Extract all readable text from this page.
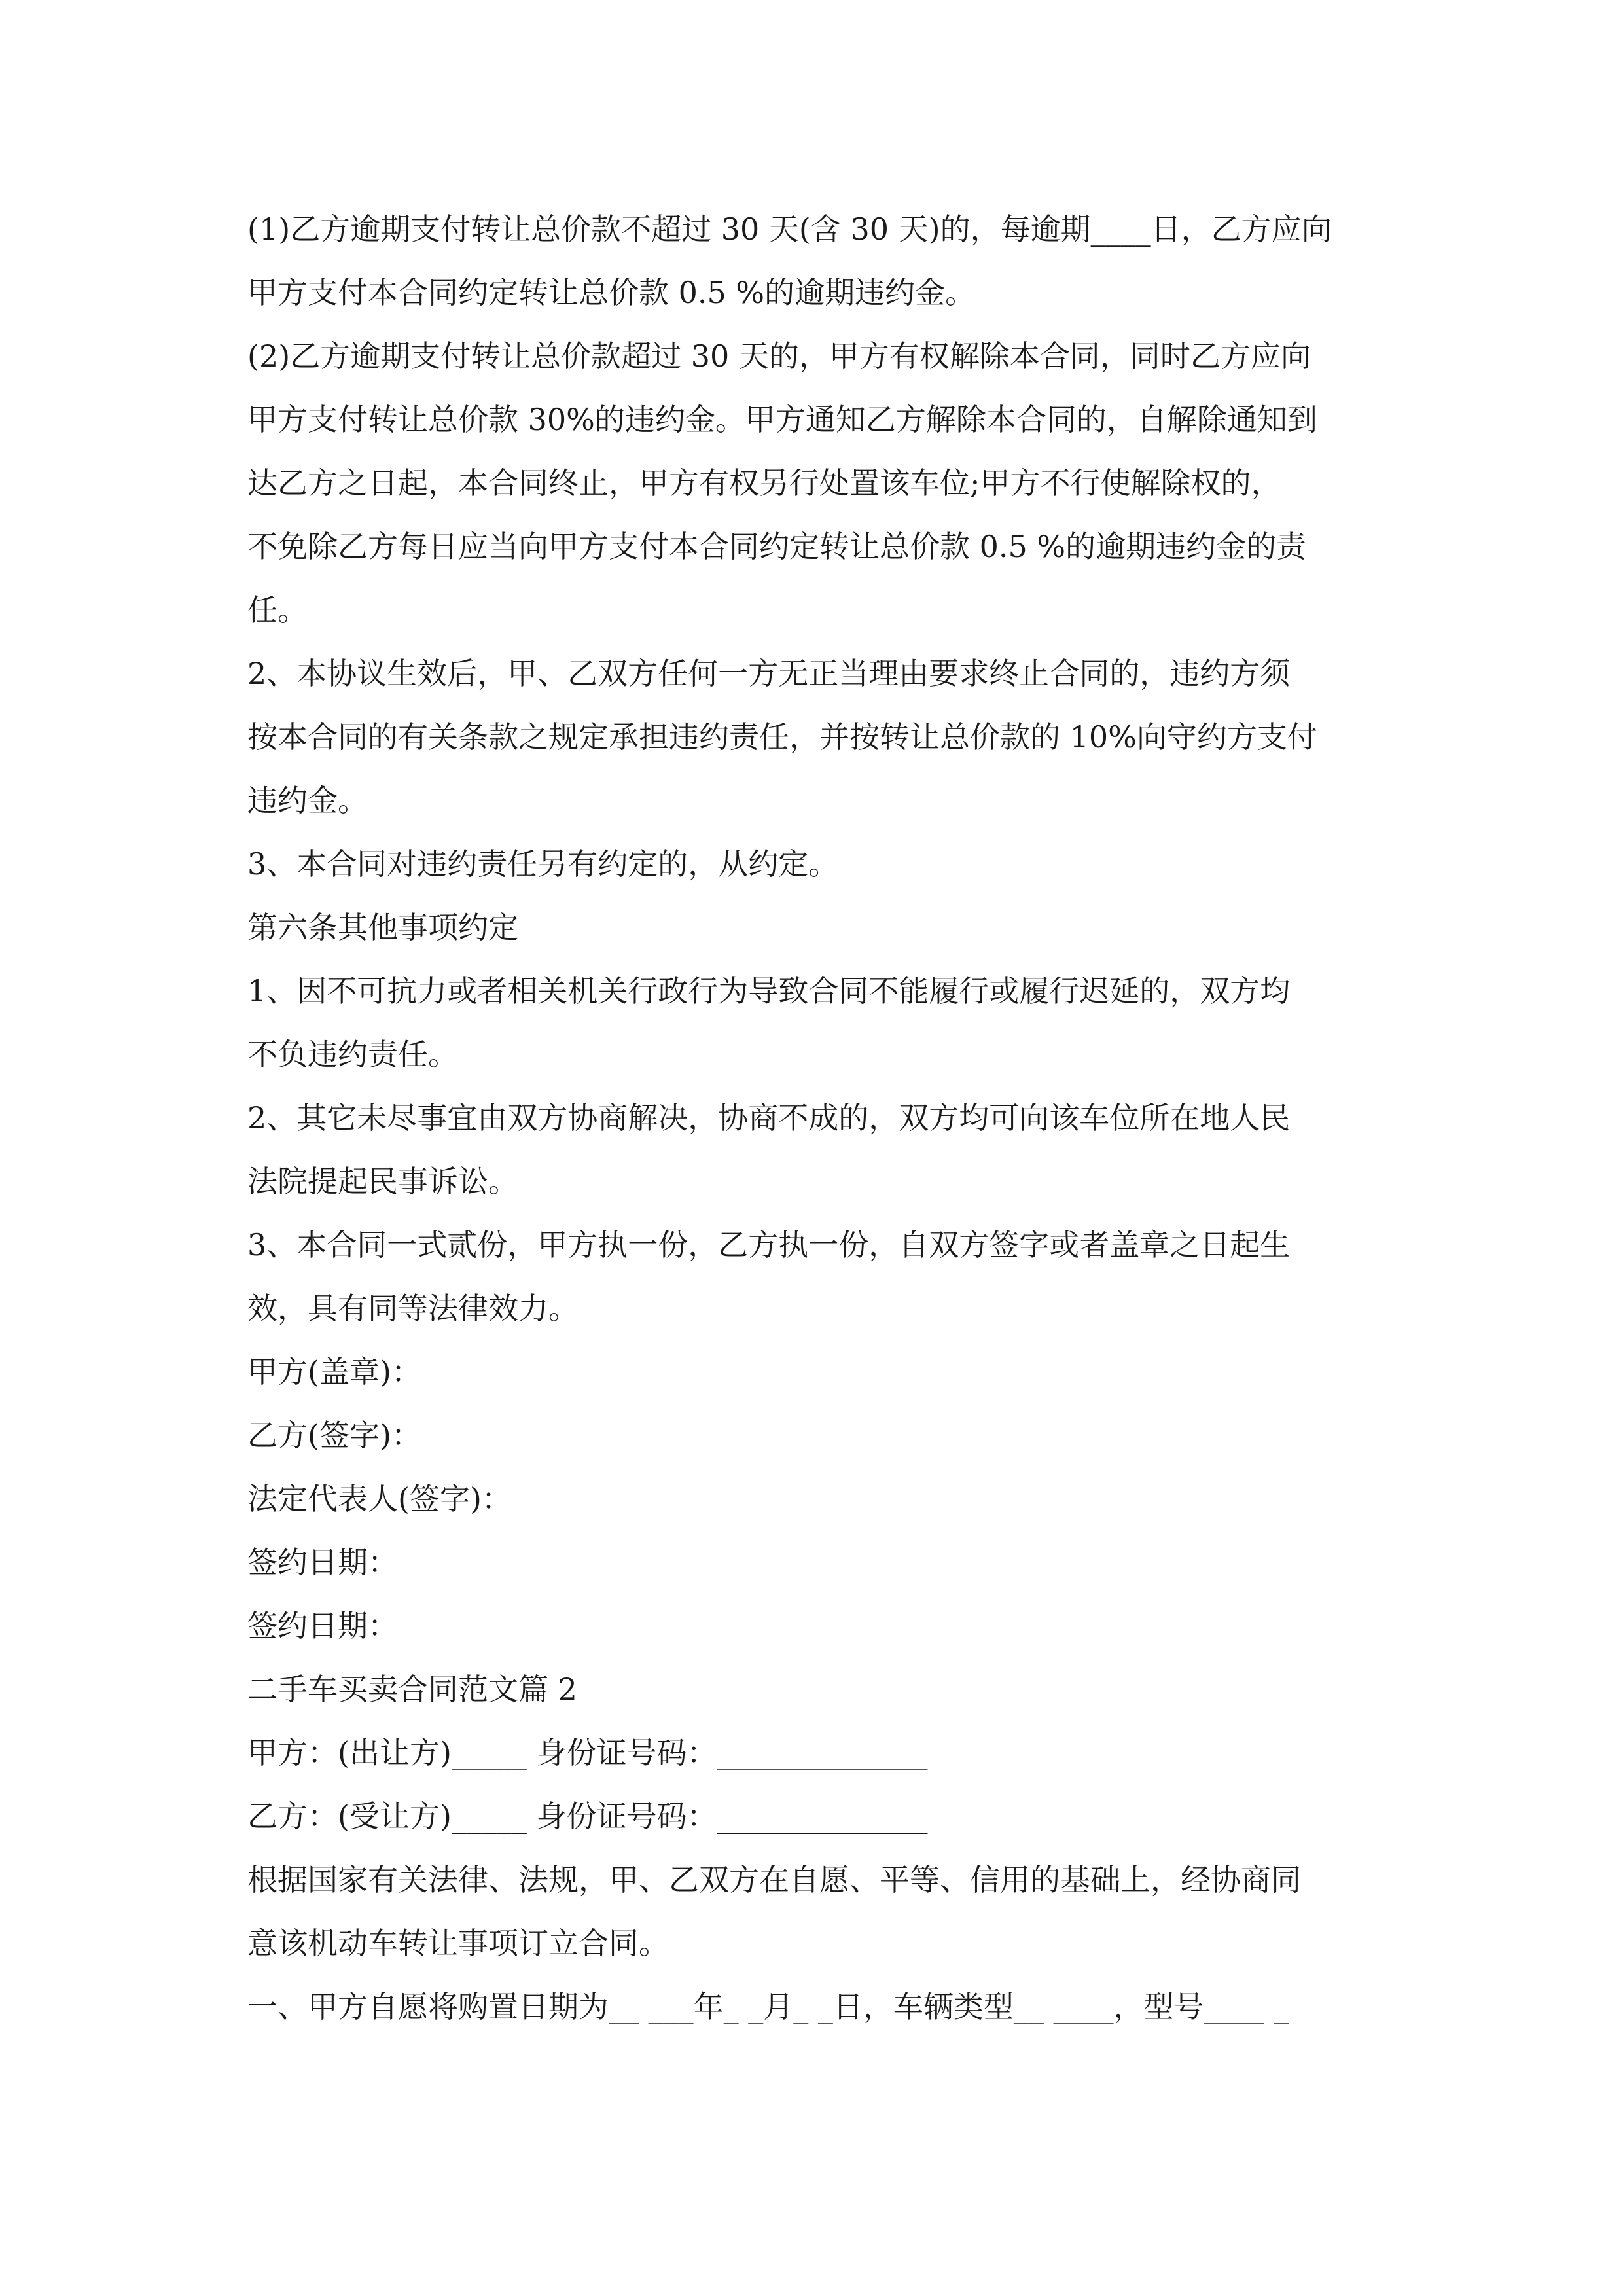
(1)乙方逾期支付转让总价款不超过 30 天(含 30 天)的，每逾期____日，乙方应向
甲方支付本合同约定转让总价款 0.5 %的逾期违约金。
(2)乙方逾期支付转让总价款超过 30 天的，甲方有权解除本合同，同时乙方应向
甲方支付转让总价款 30%的违约金。甲方通知乙方解除本合同的，自解除通知到
达乙方之日起，本合同终止，甲方有权另行处置该车位;甲方不行使解除权的，
不免除乙方每日应当向甲方支付本合同约定转让总价款 0.5 %的逾期违约金的责
任。
2、本协议生效后，甲、乙双方任何一方无正当理由要求终止合同的，违约方须
按本合同的有关条款之规定承担违约责任，并按转让总价款的 10%向守约方支付
违约金。
3、本合同对违约责任另有约定的，从约定。
第六条其他事项约定
1、因不可抗力或者相关机关行政行为导致合同不能履行或履行迟延的，双方均
不负违约责任。
2、其它未尽事宜由双方协商解决，协商不成的，双方均可向该车位所在地人民
法院提起民事诉讼。
3、本合同一式贰份，甲方执一份，乙方执一份，自双方签字或者盖章之日起生
效，具有同等法律效力。
甲方(盖章)：
乙方(签字)：
法定代表人(签字)：
签约日期：
签约日期：
二手车买卖合同范文篇 2
甲方：(出让方)_____ 身份证号码：______________
乙方：(受让方)_____ 身份证号码：______________
根据国家有关法律、法规，甲、乙双方在自愿、平等、信用的基础上，经协商同
意该机动车转让事项订立合同。
一、甲方自愿将购置日期为__ ___年_ _月_ _日，车辆类型__ ____，型号____ _
